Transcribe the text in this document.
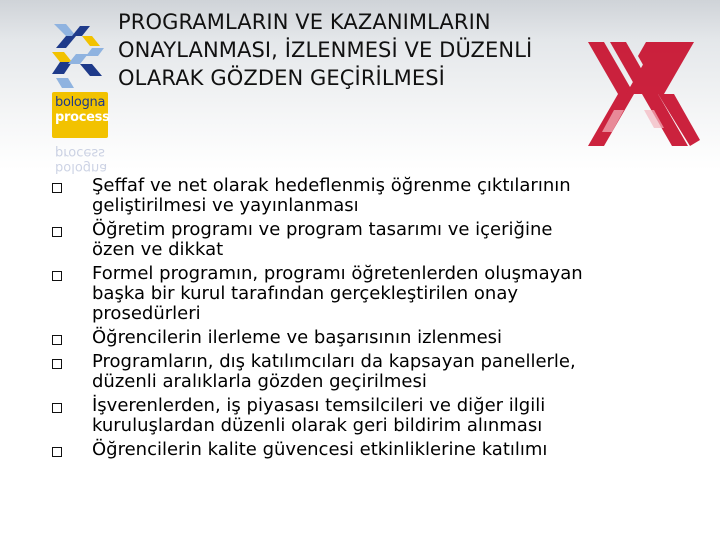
bologna
process
bologna
process
PROGRAMLARIN VE KAZANIMLARIN
ONAYLANMASI, İZLENMESİ VE DÜZENLİ
OLARAK GÖZDEN GEÇİRİLMESİ
Şeffaf ve net olarak hedeflenmiş öğrenme çıktılarının
geliştirilmesi ve yayınlanması
Öğretim programı ve program tasarımı ve içeriğine
özen ve dikkat
Formel programın, programı öğretenlerden oluşmayan
başka bir kurul tarafından gerçekleştirilen onay
prosedürleri
Öğrencilerin ilerleme ve başarısının izlenmesi
Programların, dış katılımcıları da kapsayan panellerle,
düzenli aralıklarla gözden geçirilmesi
İşverenlerden, iş piyasası temsilcileri ve diğer ilgili
kuruluşlardan düzenli olarak geri bildirim alınması
Öğrencilerin kalite güvencesi etkinliklerine katılımı
